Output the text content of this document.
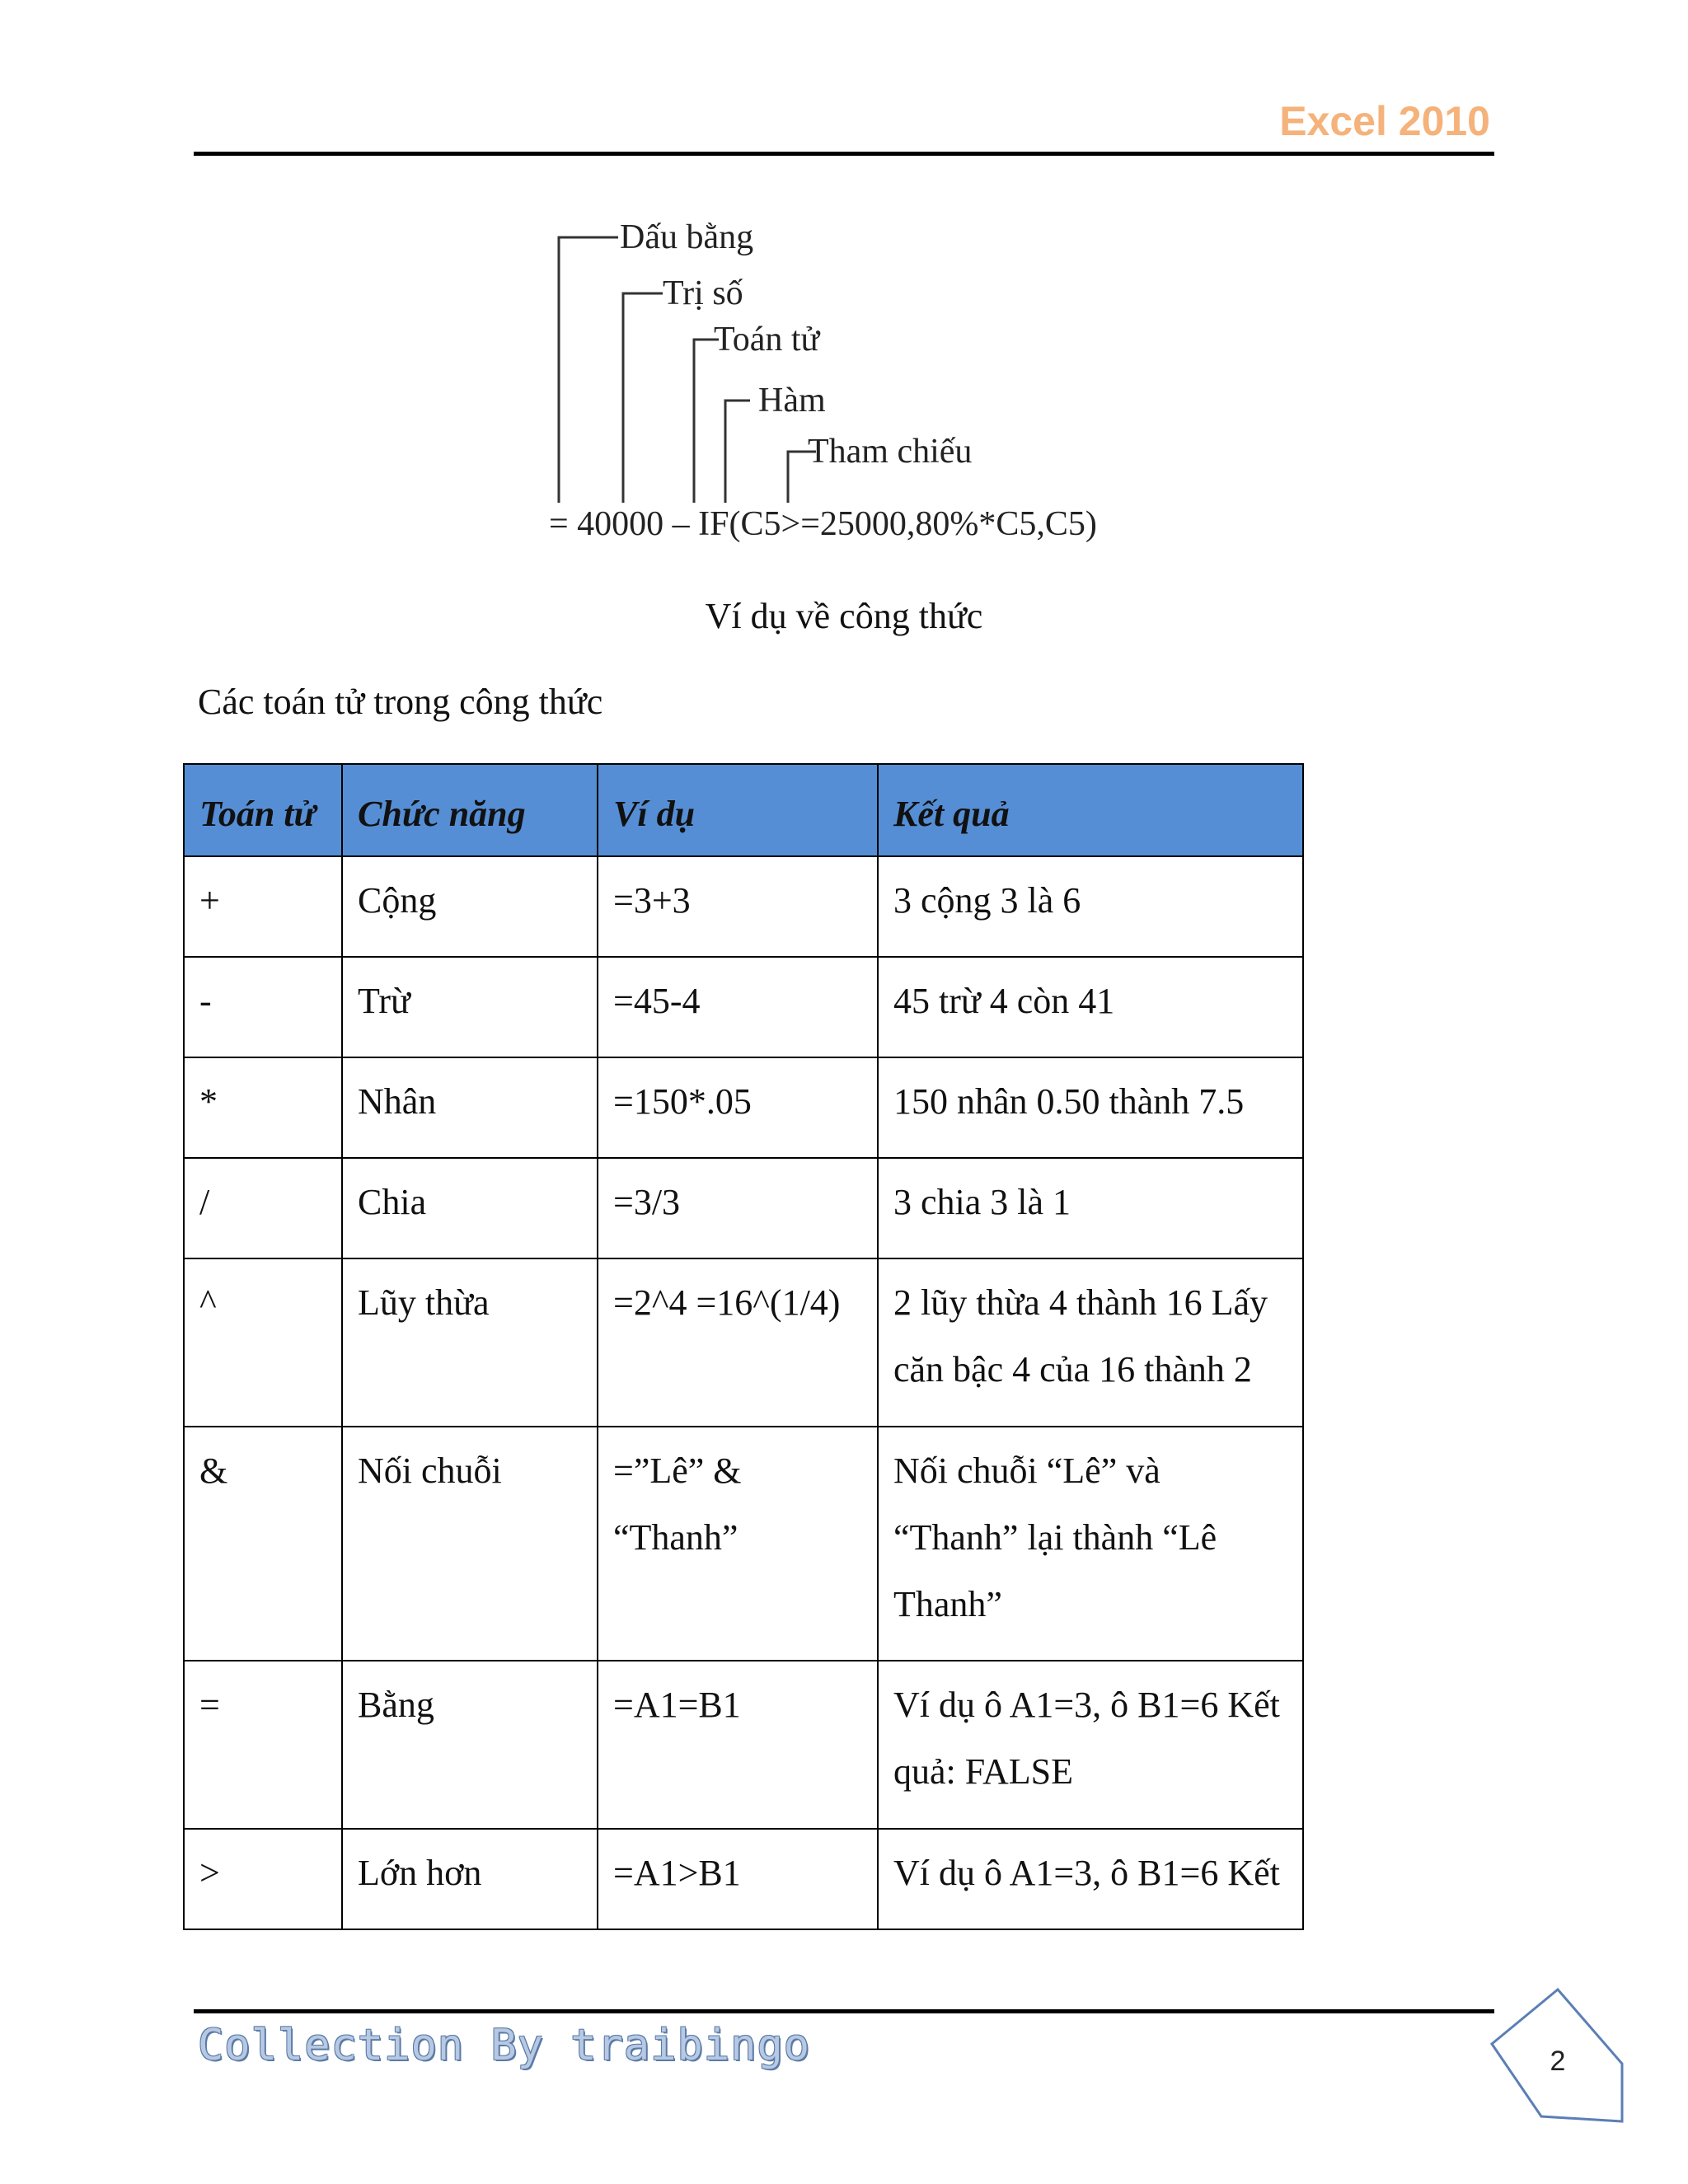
Excel 2010
Dấu bằng
Trị số
Toán tử
Hàm
Tham chiếu
= 40000 – IF(C5>=25000,80%*C5,C5)
Ví dụ về công thức
Các toán tử trong công thức
Toán tử	Chức năng	Ví dụ	Kết quả
+	Cộng	=3+3	3 cộng 3 là 6
-	Trừ	=45-4	45 trừ 4 còn 41
*	Nhân	=150*.05	150 nhân 0.50 thành 7.5
/	Chia	=3/3	3 chia 3 là 1
^	Lũy thừa	=2^4 =16^(1/4)	2 lũy thừa 4 thành 16 Lấy căn bậc 4 của 16 thành 2
&	Nối chuỗi	=”Lê” & “Thanh”	Nối chuỗi “Lê” và “Thanh” lại thành “Lê Thanh”
=	Bằng	=A1=B1	Ví dụ ô A1=3, ô B1=6 Kết quả: FALSE
>	Lớn hơn	=A1>B1	Ví dụ ô A1=3, ô B1=6 Kết
Collection By traibingo	2
